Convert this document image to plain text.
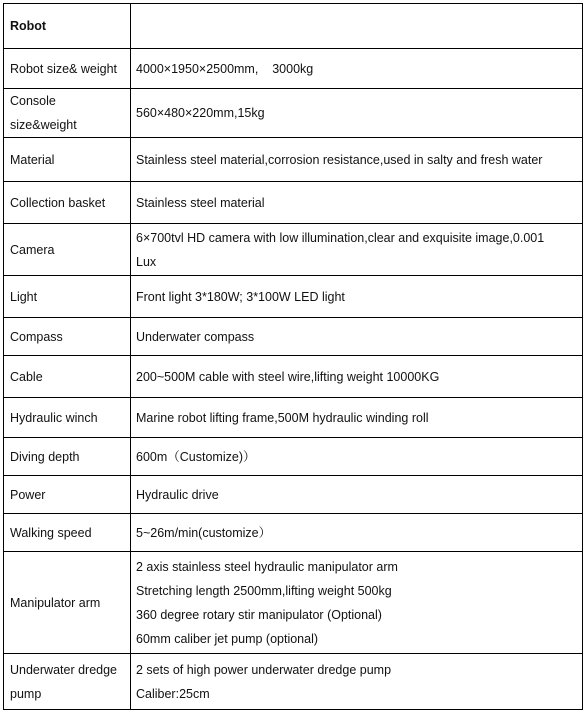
Robot	
Robot size& weight	4000×1950×2500mm,    3000kg

Console size&weight	560×480×220mm,15kg

Material	Stainless steel material,corrosion resistance,used in salty and fresh water

Collection basket	Stainless steel material

Camera	6×700tvl HD camera with low illumination,clear and exquisite image,0.001
Lux

Light	Front light 3*180W; 3*100W LED light

Compass	Underwater compass

Cable	200~500M cable with steel wire,lifting weight 10000KG

Hydraulic winch	Marine robot lifting frame,500M hydraulic winding roll

Diving depth	600m（Customize)）

Power	Hydraulic drive

Walking speed	5~26m/min(customize）

Manipulator arm	2 axis stainless steel hydraulic manipulator arm
Stretching length 2500mm,lifting weight 500kg
360 degree rotary stir manipulator (Optional)
60mm caliber jet pump (optional)

Underwater dredge pump	2 sets of high power underwater dredge pump
Caliber:25cm
